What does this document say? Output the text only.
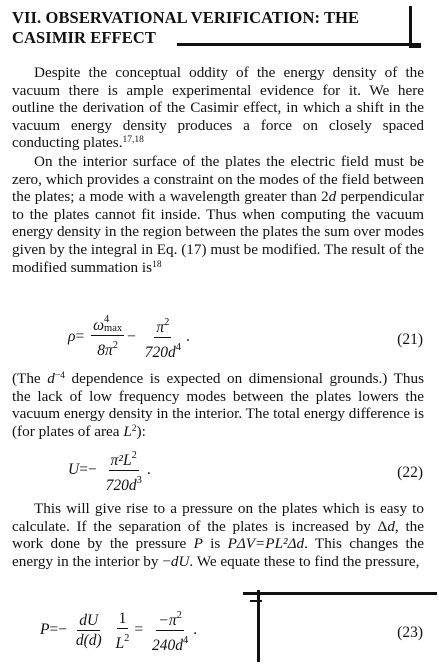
VII. OBSERVATIONAL VERIFICATION: THE
CASIMIR EFFECT
Despite the conceptual oddity of the energy density of the vacuum there is ample experimental evidence for it. We here outline the derivation of the Casimir effect, in which a shift in the vacuum energy density produces a force on closely spaced conducting plates.$^{17,18}$
On the interior surface of the plates the electric field must be zero, which provides a constraint on the modes of the field between the plates; a mode with a wavelength greater than 2d perpendicular to the plates cannot fit inside. Thus when computing the vacuum energy density in the region between the plates the sum over modes given by the integral in Eq. (17) must be modified. The result of the modified summation $is^{18}$
ρ= ω 4
max
$8\pi^2 - \frac{\pi^2}{720d^4}$ .	(21)
(The $d^{-4}$ dependence is expected on dimensional grounds.) Thus the lack of low frequency modes between the plates lowers the vacuum energy density in the interior. The total energy difference is (for plates of area $L^2$):
$U=- \frac{\pi^2L^2}{720d^3}$ .	(22)
This will give rise to a pressure on the plates which is easy to calculate. If the separation of the plates is increased by Δd, the work done by the pressure P is PΔV=PL²Δd. This changes the energy in the interior by −dU. We equate these to find the pressure,
$P=- \frac{dU}{d(d)}$
$\frac{1}{L^2} = \frac{-\pi^2}{240d^4}$ .	(23)
